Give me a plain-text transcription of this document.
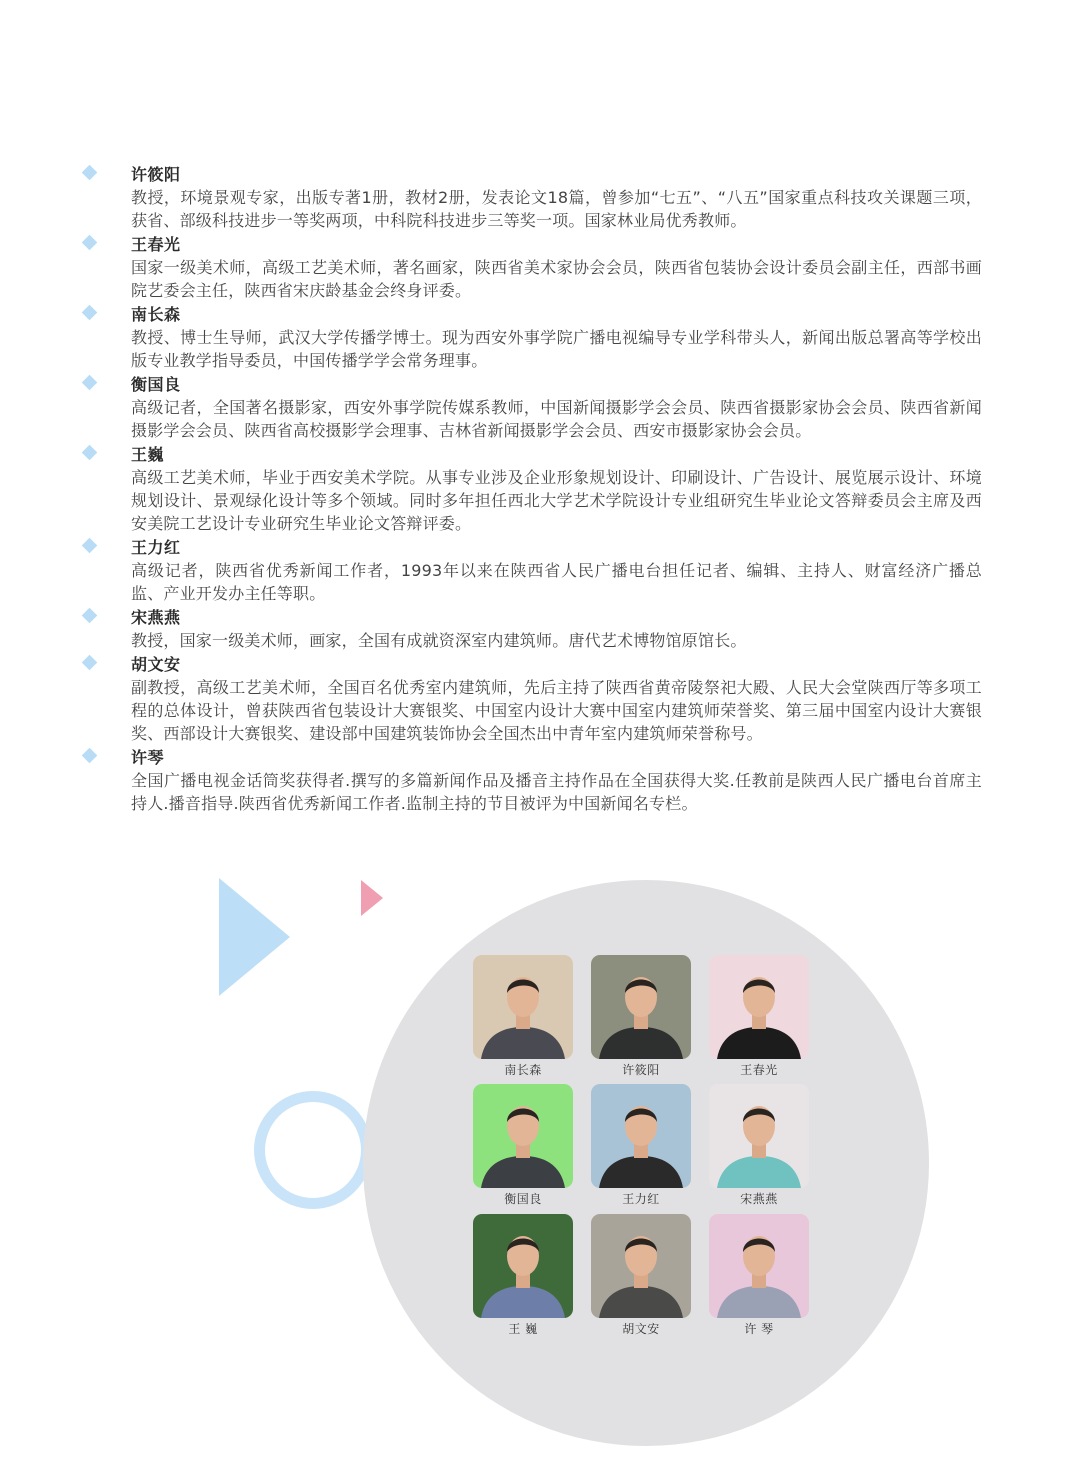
许筱阳
教授，环境景观专家，出版专著1册，教材2册，发表论文18篇，曾参加“七五”、“八五”国家重点科技攻关课题三项，获省、部级科技进步一等奖两项，中科院科技进步三等奖一项。国家林业局优秀教师。
王春光
国家一级美术师，高级工艺美术师，著名画家，陕西省美术家协会会员，陕西省包装协会设计委员会副主任，西部书画院艺委会主任，陕西省宋庆龄基金会终身评委。
南长森
教授、博士生导师，武汉大学传播学博士。现为西安外事学院广播电视编导专业学科带头人，新闻出版总署高等学校出版专业教学指导委员，中国传播学学会常务理事。
衡国良
高级记者，全国著名摄影家，西安外事学院传媒系教师，中国新闻摄影学会会员、陕西省摄影家协会会员、陕西省新闻摄影学会会员、陕西省高校摄影学会理事、吉林省新闻摄影学会会员、西安市摄影家协会会员。
王巍
高级工艺美术师，毕业于西安美术学院。从事专业涉及企业形象规划设计、印刷设计、广告设计、展览展示设计、环境规划设计、景观绿化设计等多个领域。同时多年担任西北大学艺术学院设计专业组研究生毕业论文答辩委员会主席及西安美院工艺设计专业研究生毕业论文答辩评委。
王力红
高级记者，陕西省优秀新闻工作者，1993年以来在陕西省人民广播电台担任记者、编辑、主持人、财富经济广播总监、产业开发办主任等职。
宋燕燕
教授，国家一级美术师，画家，全国有成就资深室内建筑师。唐代艺术博物馆原馆长。
胡文安
副教授，高级工艺美术师，全国百名优秀室内建筑师，先后主持了陕西省黄帝陵祭祀大殿、人民大会堂陕西厅等多项工程的总体设计，曾获陕西省包装设计大赛银奖、中国室内设计大赛中国室内建筑师荣誉奖、第三届中国室内设计大赛银奖、西部设计大赛银奖、建设部中国建筑装饰协会全国杰出中青年室内建筑师荣誉称号。
许琴
全国广播电视金话筒奖获得者.撰写的多篇新闻作品及播音主持作品在全国获得大奖.任教前是陕西人民广播电台首席主持人.播音指导.陕西省优秀新闻工作者.监制主持的节目被评为中国新闻名专栏。
南长森	许筱阳	王春光
衡国良	王力红	宋燕燕
王 巍	胡文安	许 琴
